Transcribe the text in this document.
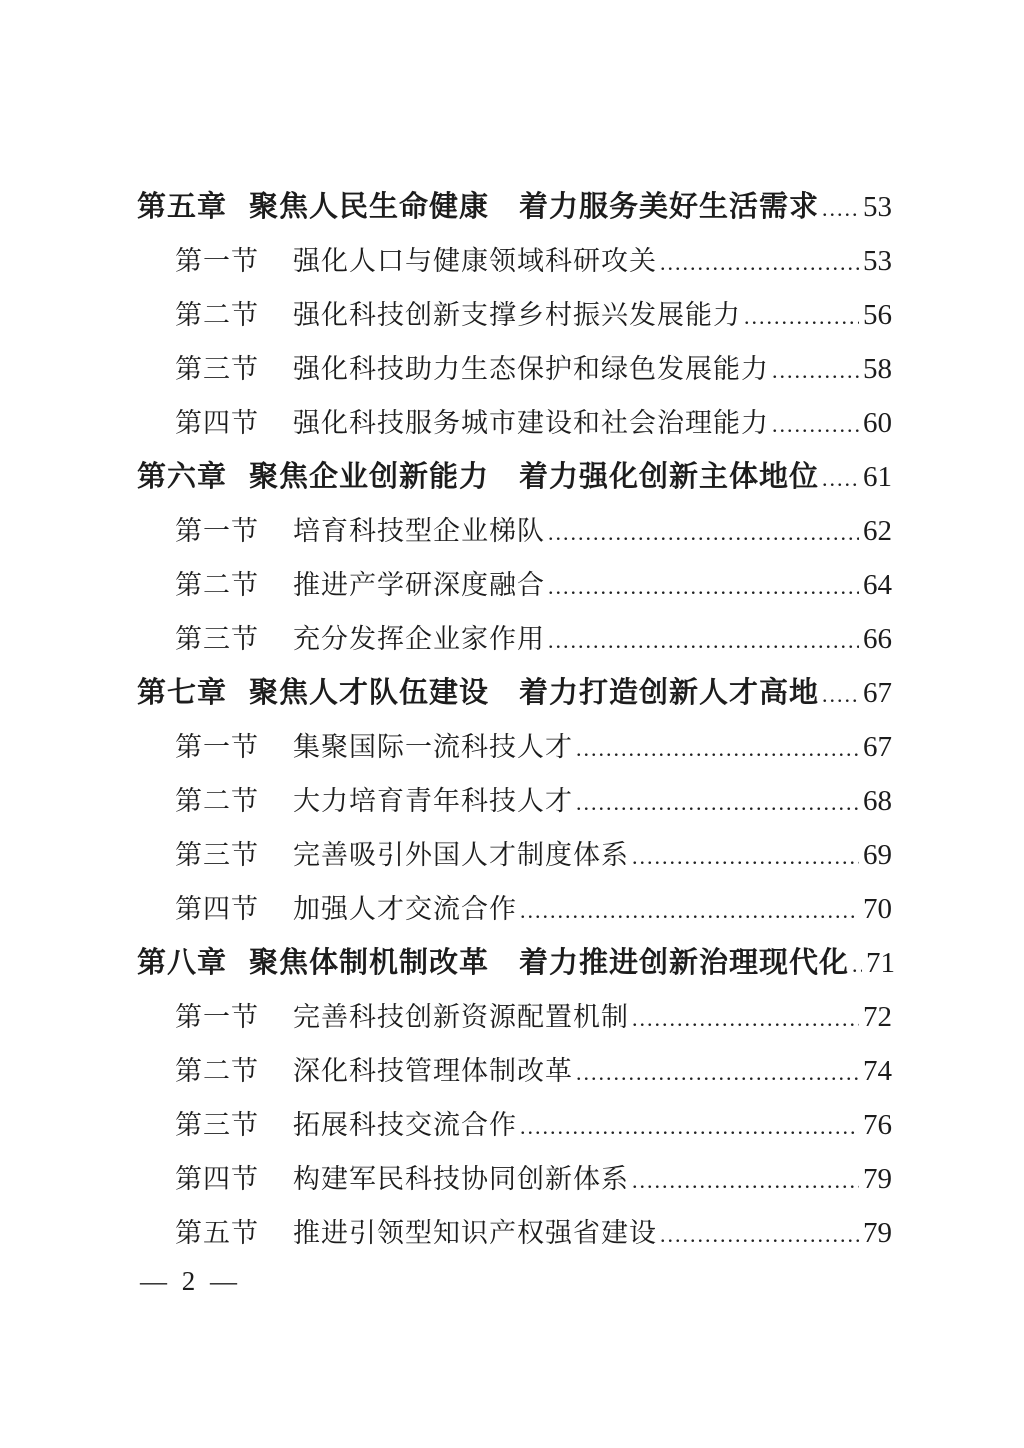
第五章 聚焦人民生命健康　着力服务美好生活需求 ..... 53
第一节 强化人口与健康领域科研攻关 .....	53
第二节 强化科技创新支撑乡村振兴发展能力 .....	56
第三节 强化科技助力生态保护和绿色发展能力 .....	58
第四节 强化科技服务城市建设和社会治理能力 .....	60
第六章 聚焦企业创新能力　着力强化创新主体地位 ..... 61
第一节 培育科技型企业梯队 .....	62
第二节 推进产学研深度融合 .....	64
第三节 充分发挥企业家作用 .....	66
第七章 聚焦人才队伍建设　着力打造创新人才高地 ..... 67
第一节 集聚国际一流科技人才 .....	67
第二节 大力培育青年科技人才 .....	68
第三节 完善吸引外国人才制度体系 .....	69
第四节 加强人才交流合作 .....	70
第八章 聚焦体制机制改革　着力推进创新治理现代化 ..... 71
第一节 完善科技创新资源配置机制 .....	72
第二节 深化科技管理体制改革 .....	74
第三节 拓展科技交流合作 .....	76
第四节 构建军民科技协同创新体系 .....	79
第五节 推进引领型知识产权强省建设 .....	79
— 2 —
